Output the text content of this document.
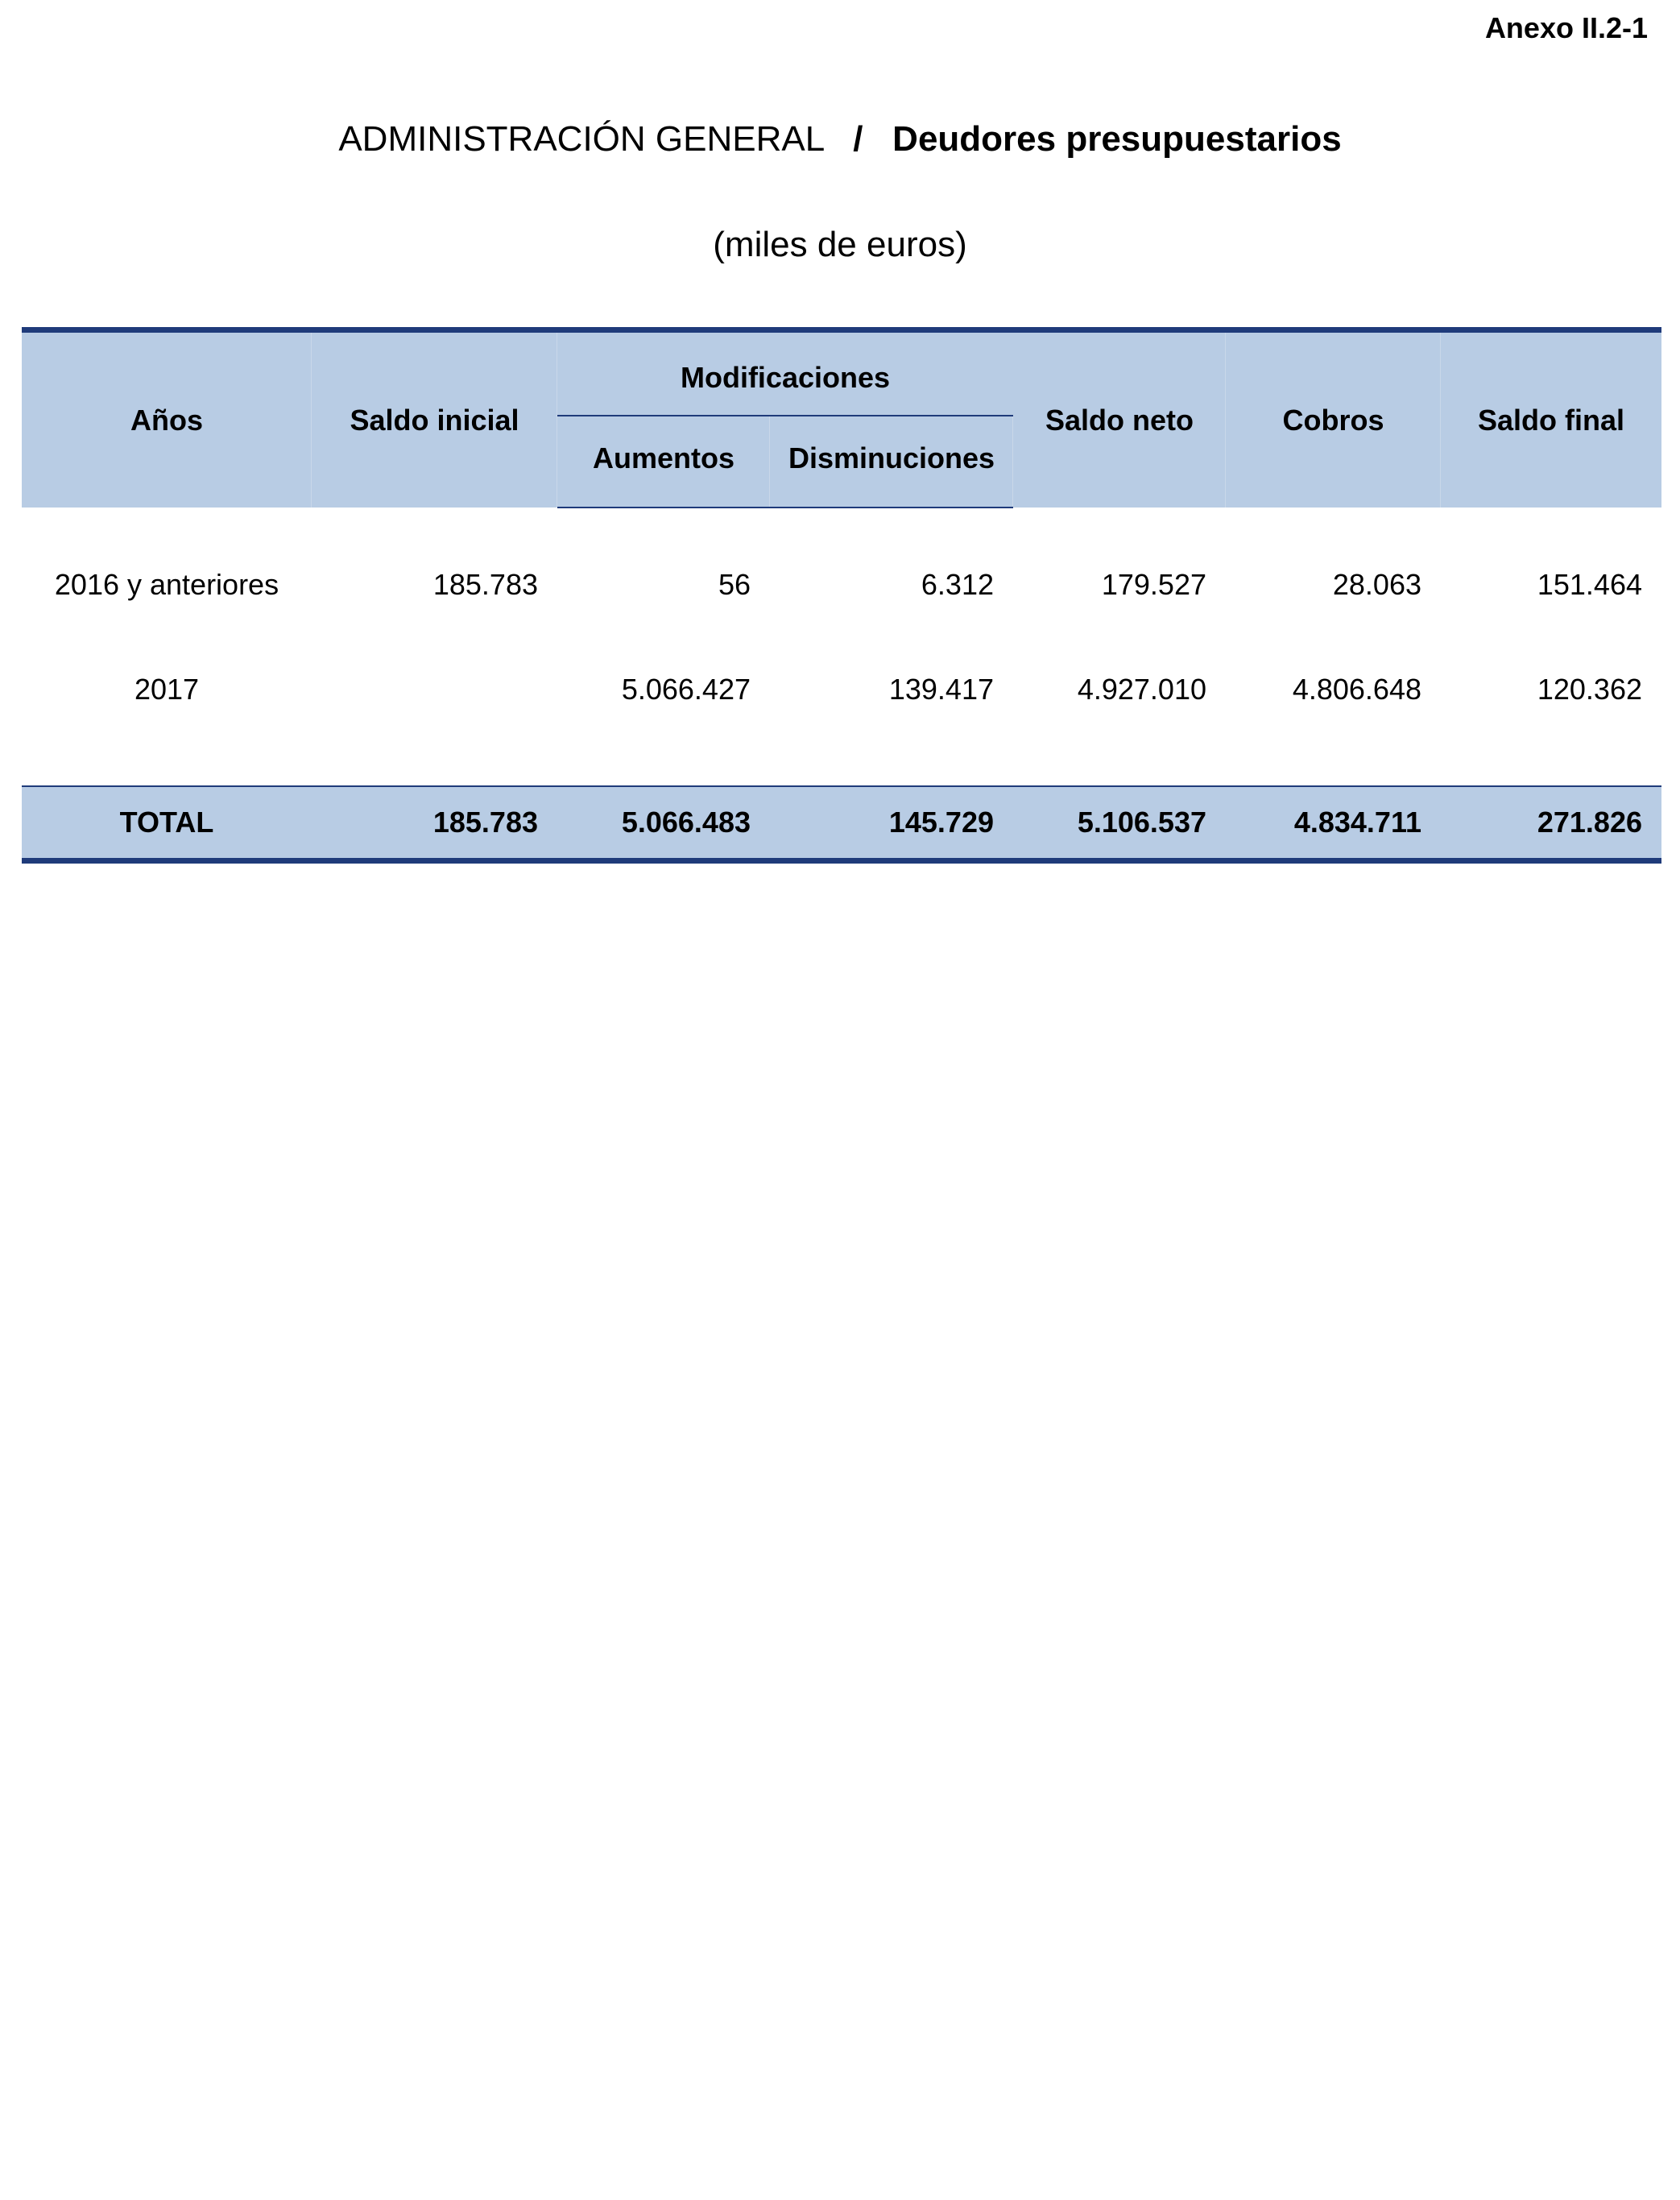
Anexo II.2-1

ADMINISTRACIÓN GENERAL / Deudores presupuestarios

(miles de euros)

Años	Saldo inicial	Modificaciones		Saldo neto	Cobros	Saldo final
		Aumentos	Disminuciones			

2016 y anteriores	185.783	56	6.312	179.527	28.063	151.464
2017		5.066.427	139.417	4.927.010	4.806.648	120.362

TOTAL	185.783	5.066.483	145.729	5.106.537	4.834.711	271.826
